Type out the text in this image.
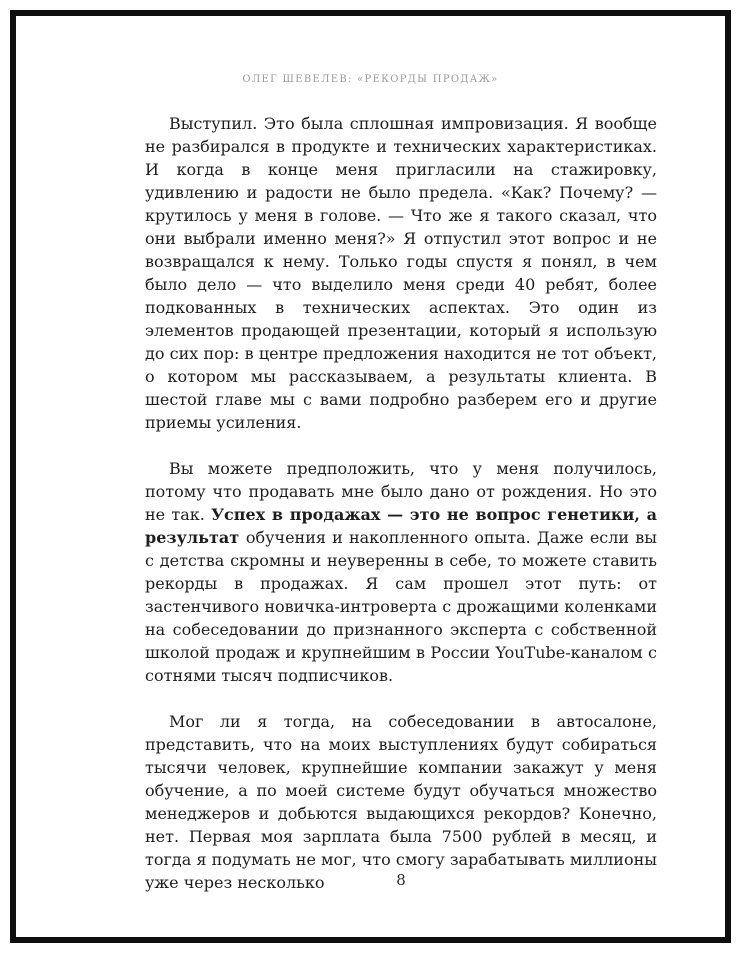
ОЛЕГ ШЕВЕЛЕВ: «РЕКОРДЫ ПРОДАЖ»

Выступил. Это была сплошная импровизация. Я вообще не разбирался в продукте и технических характеристиках. И когда в конце меня пригласили на стажировку, удивлению и радости не было предела. «Как? Почему? — крутилось у меня в голове. — Что же я такого сказал, что они выбрали именно меня?» Я отпустил этот вопрос и не возвращался к нему. Только годы спустя я понял, в чем было дело — что выделило меня среди 40 ребят, более подкованных в технических аспектах. Это один из элементов продающей презентации, который я использую до сих пор: в центре предложения находится не тот объект, о котором мы рассказываем, а результаты клиента. В шестой главе мы с вами подробно разберем его и другие приемы усиления.

Вы можете предположить, что у меня получилось, потому что продавать мне было дано от рождения. Но это не так. Успех в продажах — это не вопрос генетики, а результат обучения и накопленного опыта. Даже если вы с детства скромны и неуверенны в себе, то можете ставить рекорды в продажах. Я сам прошел этот путь: от застенчивого новичка-интроверта с дрожащими коленками на собеседовании до признанного эксперта с собственной школой продаж и крупнейшим в России YouTube-каналом с сотнями тысяч подписчиков.

Мог ли я тогда, на собеседовании в автосалоне, представить, что на моих выступлениях будут собираться тысячи человек, крупнейшие компании закажут у меня обучение, а по моей системе будут обучаться множество менеджеров и добьются выдающихся рекордов? Конечно, нет. Первая моя зарплата была 7500 рублей в месяц, и тогда я подумать не мог, что смогу зарабатывать миллионы уже через несколько	8
